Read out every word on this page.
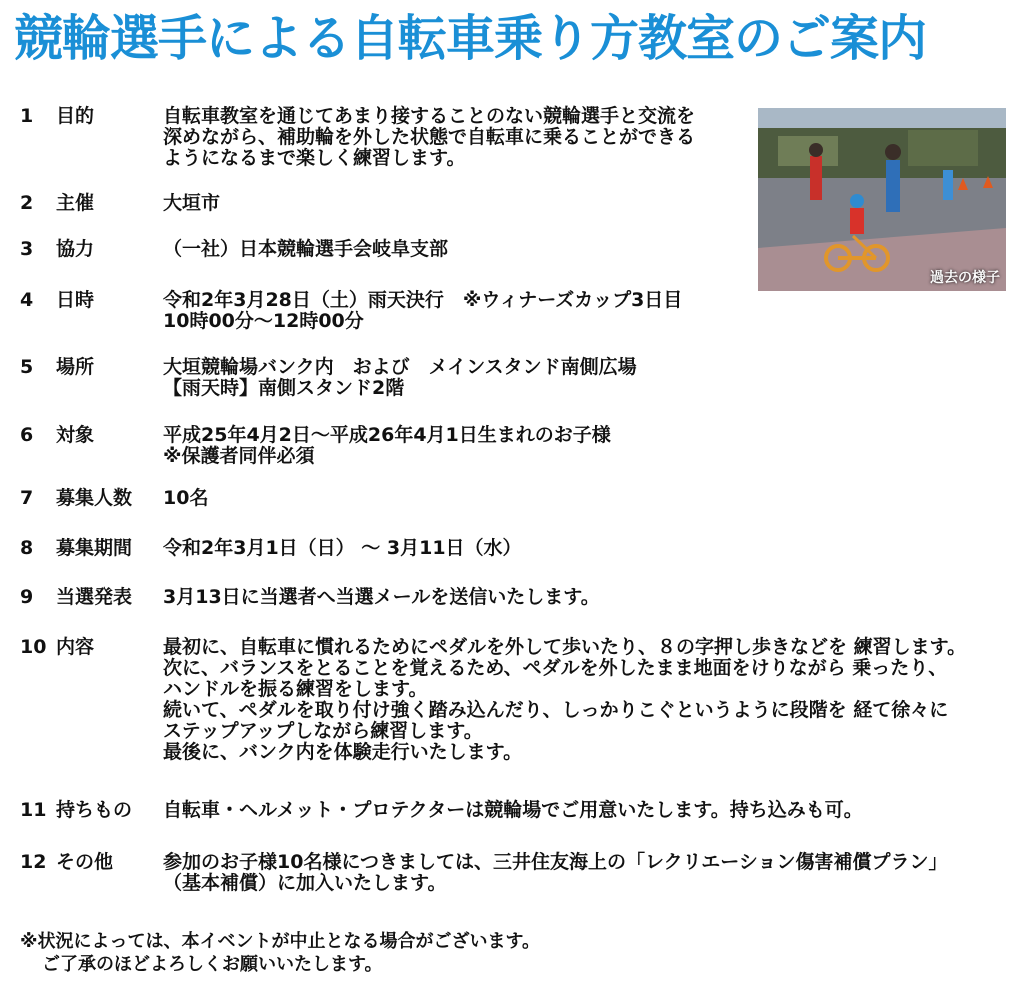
競輪選手による自転車乗り方教室のご案内
過去の様子
1	目的	自転車教室を通じてあまり接することのない競輪選手と交流を
深めながら、補助輪を外した状態で自転車に乗ることができる
ようになるまで楽しく練習します。
2	主催	大垣市
3	協力	（一社）日本競輪選手会岐阜支部
4	日時	令和2年3月28日（土）雨天決行　※ウィナーズカップ3日目
10時00分～12時00分
5	場所	大垣競輪場バンク内　および　メインスタンド南側広場
【雨天時】南側スタンド2階
6	対象	平成25年4月2日～平成26年4月1日生まれのお子様
※保護者同伴必須
7	募集人数 10名
8	募集期間 令和2年3月1日（日） ～ 3月11日（水）
9	当選発表 3月13日に当選者へ当選メールを送信いたします。
10 内容	最初に、自転車に慣れるためにペダルを外して歩いたり、８の字押し歩きなどを 練習します。
次に、バランスをとることを覚えるため、ペダルを外したまま地面をけりながら 乗ったり、
ハンドルを振る練習をします。
続いて、ペダルを取り付け強く踏み込んだり、しっかりこぐというように段階を 経て徐々に
ステップアップしながら練習します。
最後に、バンク内を体験走行いたします。
11 持ちもの 自転車・ヘルメット・プロテクターは競輪場でご用意いたします。持ち込みも可。
12 その他	参加のお子様10名様につきましては、三井住友海上の「レクリエーション傷害補償プラン」
（基本補償）に加入いたします。
※状況によっては、本イベントが中止となる場合がございます。
ご了承のほどよろしくお願いいたします。
